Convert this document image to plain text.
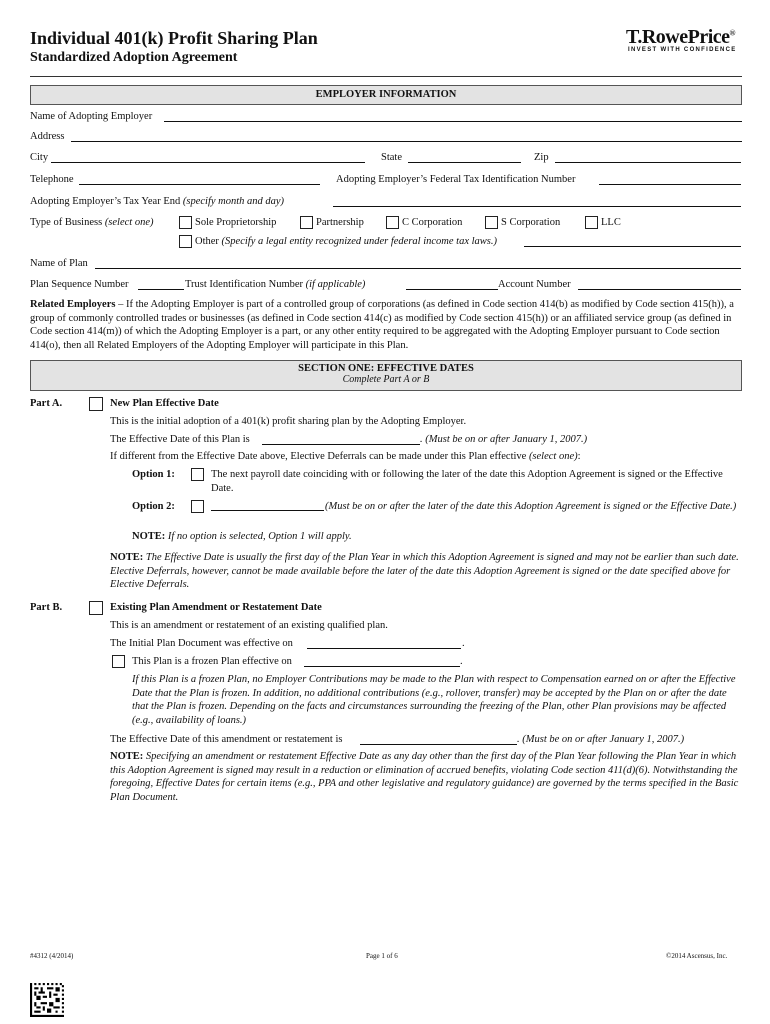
Individual 401(k) Profit Sharing Plan
Standardized Adoption Agreement
T.RowePrice®
INVEST WITH CONFIDENCE
EMPLOYER INFORMATION
Name of Adopting Employer
Address
City	State	Zip
Telephone	Adopting Employer’s Federal Tax Identification Number
Adopting Employer’s Tax Year End (specify month and day)
Type of Business (select one)	Sole Proprietorship	Partnership	C Corporation	S Corporation	LLC
Other (Specify a legal entity recognized under federal income tax laws.)
Name of Plan
Plan Sequence Number	Trust Identification Number (if applicable)	Account Number
Related Employers – If the Adopting Employer is part of a controlled group of corporations (as defined in Code section 414(b) as modified by Code section 415(h)), a group of commonly controlled trades or businesses (as defined in Code section 414(c) as modified by Code section 415(h)) or an affiliated service group (as defined in Code section 414(m)) of which the Adopting Employer is a part, or any other entity required to be aggregated with the Adopting Employer pursuant to Code section 414(o), then all Related Employers of the Adopting Employer will participate in this Plan.
SECTION ONE: EFFECTIVE DATES
Complete Part A or B
Part A.	New Plan Effective Date
This is the initial adoption of a 401(k) profit sharing plan by the Adopting Employer.
The Effective Date of this Plan is	. (Must be on or after January 1, 2007.)
If different from the Effective Date above, Elective Deferrals can be made under this Plan effective (select one):
Option 1:	The next payroll date coinciding with or following the later of the date this Adoption Agreement is signed or the Effective Date.
Option 2:	(Must be on or after the later of the date this Adoption Agreement is signed or the Effective Date.)
NOTE: If no option is selected, Option 1 will apply.
NOTE: The Effective Date is usually the first day of the Plan Year in which this Adoption Agreement is signed and may not be earlier than such date. Elective Deferrals, however, cannot be made available before the later of the date this Adoption Agreement is signed or the date specified above for Elective Deferrals.
Part B.	Existing Plan Amendment or Restatement Date
This is an amendment or restatement of an existing qualified plan.
The Initial Plan Document was effective on	.
This Plan is a frozen Plan effective on	.
If this Plan is a frozen Plan, no Employer Contributions may be made to the Plan with respect to Compensation earned on or after the Effective Date that the Plan is frozen. In addition, no additional contributions (e.g., rollover, transfer) may be accepted by the Plan on or after the date that the Plan is frozen. Depending on the facts and circumstances surrounding the freezing of the Plan, other Plan provisions may be affected (e.g., availability of loans.)
The Effective Date of this amendment or restatement is	. (Must be on or after January 1, 2007.)
NOTE: Specifying an amendment or restatement Effective Date as any day other than the first day of the Plan Year following the Plan Year in which this Adoption Agreement is signed may result in a reduction or elimination of accrued benefits, violating Code section 411(d)(6). Notwithstanding the foregoing, Effective Dates for certain items (e.g., PPA and other legislative and regulatory guidance) are governed by the terms specified in the Basic Plan Document.
#4312 (4/2014)	Page 1 of 6	©2014 Ascensus, Inc.
